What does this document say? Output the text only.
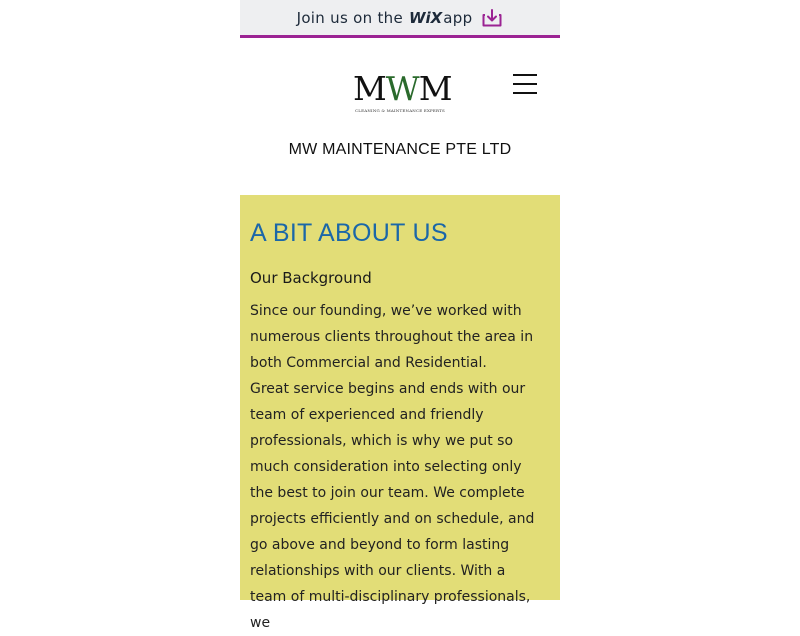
Join us on the WiX app
MWM
CLEANING & MAINTENANCE EXPERTS
MW MAINTENANCE PTE LTD
A BIT ABOUT US
Our Background

Since our founding, we’ve worked with numerous clients throughout the area in both Commercial and Residential.

Great service begins and ends with our team of experienced and friendly professionals, which is why we put so much consideration into selecting only the best to join our team. We complete projects efficiently and on schedule, and go above and beyond to form lasting relationships with our clients. With a team of multi-disciplinary professionals, we
